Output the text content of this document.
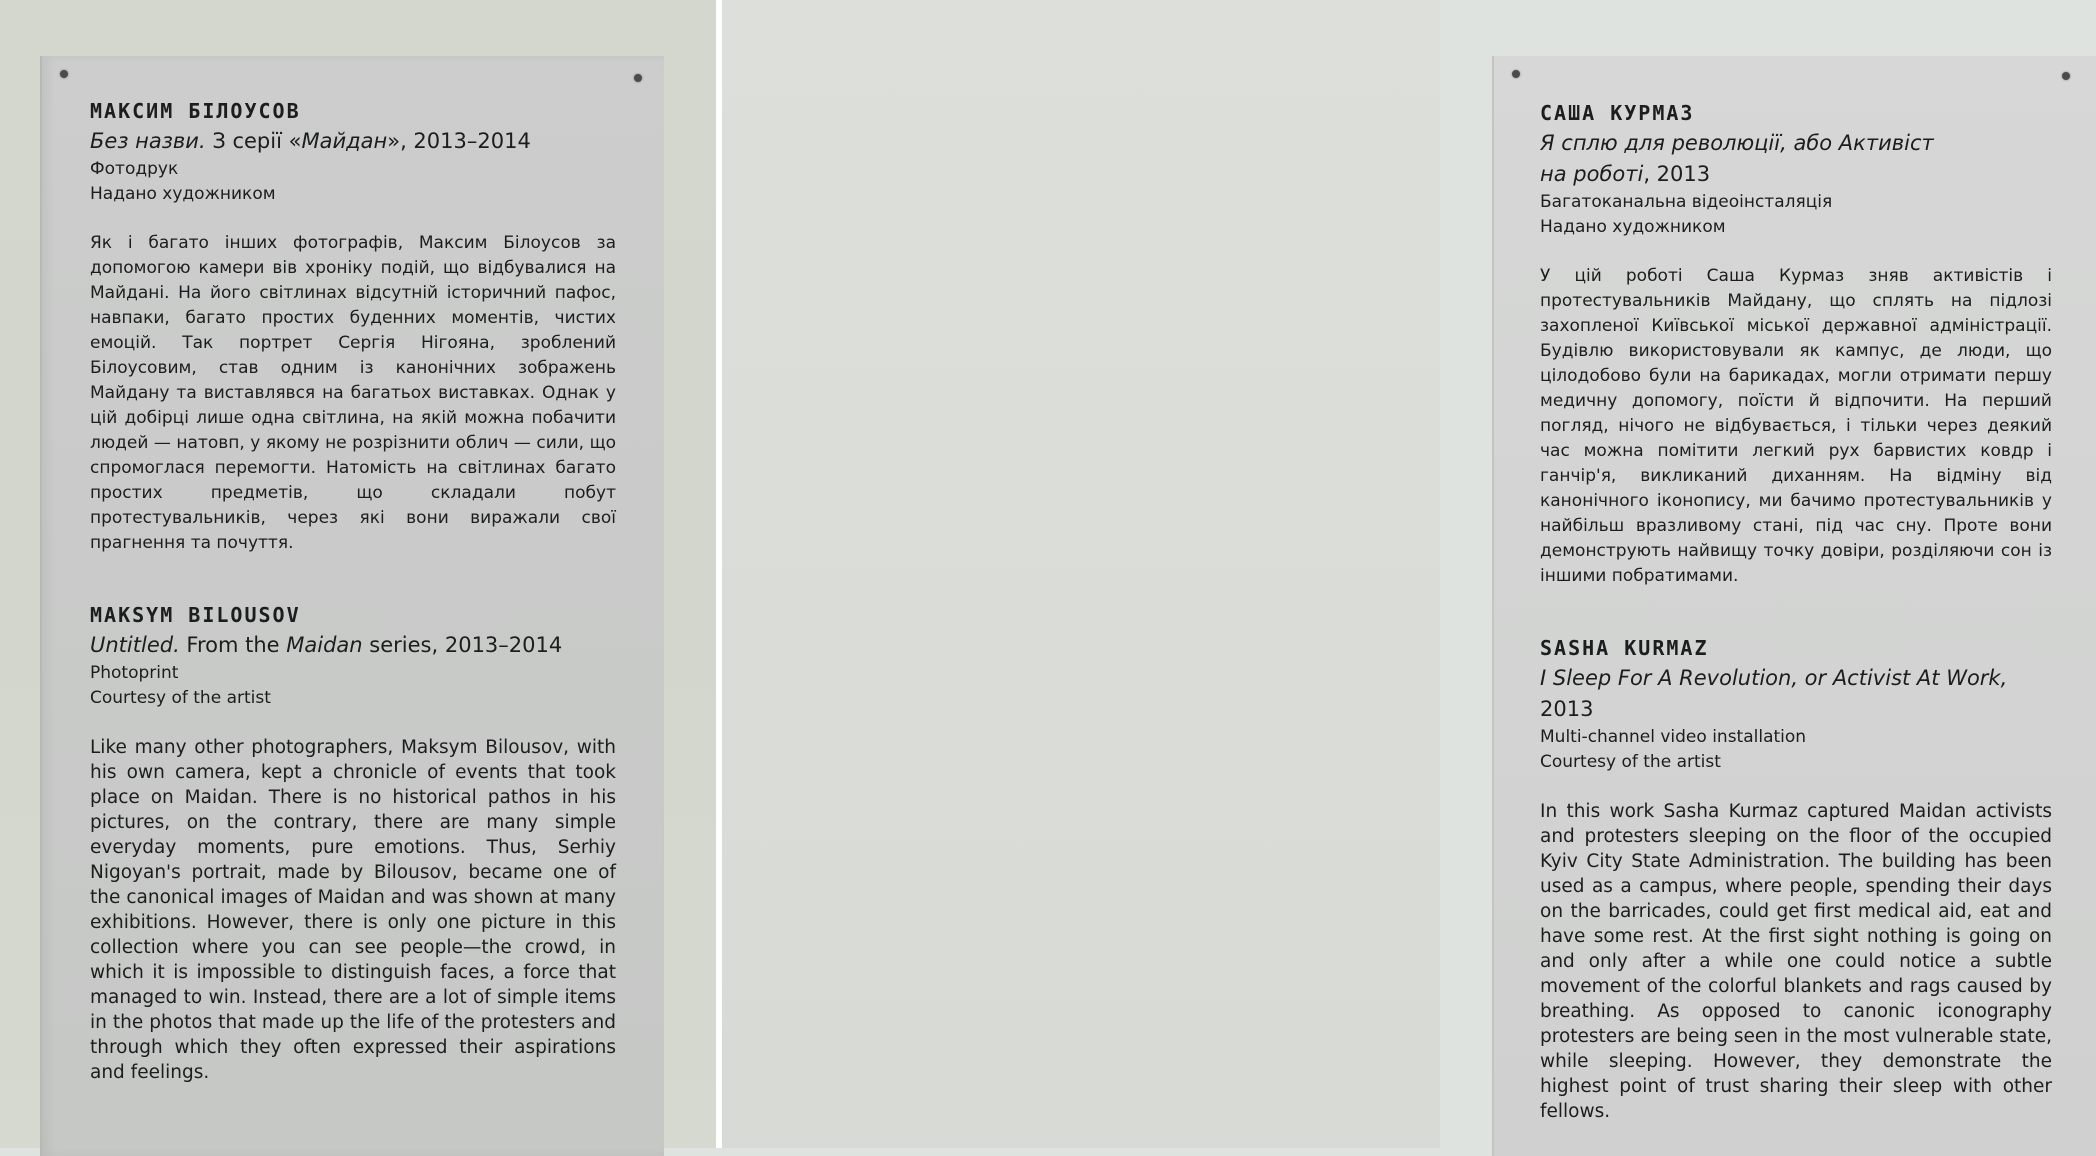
МАКСИМ БІЛОУСОВ

Без назви. З серії «Майдан», 2013–2014

Фотодрук

Надано художником

Як і багато інших фотографів, Максим Білоусов за допомогою камери вів хроніку подій, що відбувалися на Майдані. На його світлинах відсутній історичний пафос, навпаки, багато простих буденних моментів, чистих емоцій. Так портрет Сергія Нігояна, зроблений Білоусовим, став одним із канонічних зображень Майдану та виставлявся на багатьох виставках. Однак у цій добірці лише одна світлина, на якій можна побачити людей — натовп, у якому не розрізнити облич — сили, що спромоглася перемогти. Натомість на світлинах багато простих предметів, що складали побут протестувальників, через які вони виражали свої прагнення та почуття.

MAKSYM BILOUSOV

Untitled. From the Maidan series, 2013–2014

Photoprint

Courtesy of the artist

Like many other photographers, Maksym Bilousov, with his own camera, kept a chronicle of events that took place on Maidan. There is no historical pathos in his pictures, on the contrary, there are many simple everyday moments, pure emotions. Thus, Serhiy Nigoyan's portrait, made by Bilousov, became one of the canonical images of Maidan and was shown at many exhibitions. However, there is only one picture in this collection where you can see people—the crowd, in which it is impossible to distinguish faces, a force that managed to win. Instead, there are a lot of simple items in the photos that made up the life of the protesters and through which they often expressed their aspirations and feelings.

САША КУРМАЗ

Я сплю для революції, або Активіст
на роботі, 2013

Багатоканальна відеоінсталяція

Надано художником

У цій роботі Саша Курмаз зняв активістів і протестувальників Майдану, що сплять на підлозі захопленої Київської міської державної адміністрації. Будівлю використовували як кампус, де люди, що цілодобово були на барикадах, могли отримати першу медичну допомогу, поїсти й відпочити. На перший погляд, нічого не відбувається, і тільки через деякий час можна помітити легкий рух барвистих ковдр і ганчір'я, викликаний диханням. На відміну від канонічного іконопису, ми бачимо протестувальників у найбільш вразливому стані, під час сну. Проте вони демонструють найвищу точку довіри, розділяючи сон із іншими побратимами.

SASHA KURMAZ

I Sleep For A Revolution, or Activist At Work,
2013

Multi-channel video installation

Courtesy of the artist

In this work Sasha Kurmaz captured Maidan activists and protesters sleeping on the floor of the occupied Kyiv City State Administration. The building has been used as a campus, where people, spending their days on the barricades, could get first medical aid, eat and have some rest. At the first sight nothing is going on and only after a while one could notice a subtle movement of the colorful blankets and rags caused by breathing. As opposed to canonic iconography protesters are being seen in the most vulnerable state, while sleeping. However, they demonstrate the highest point of trust sharing their sleep with other fellows.
